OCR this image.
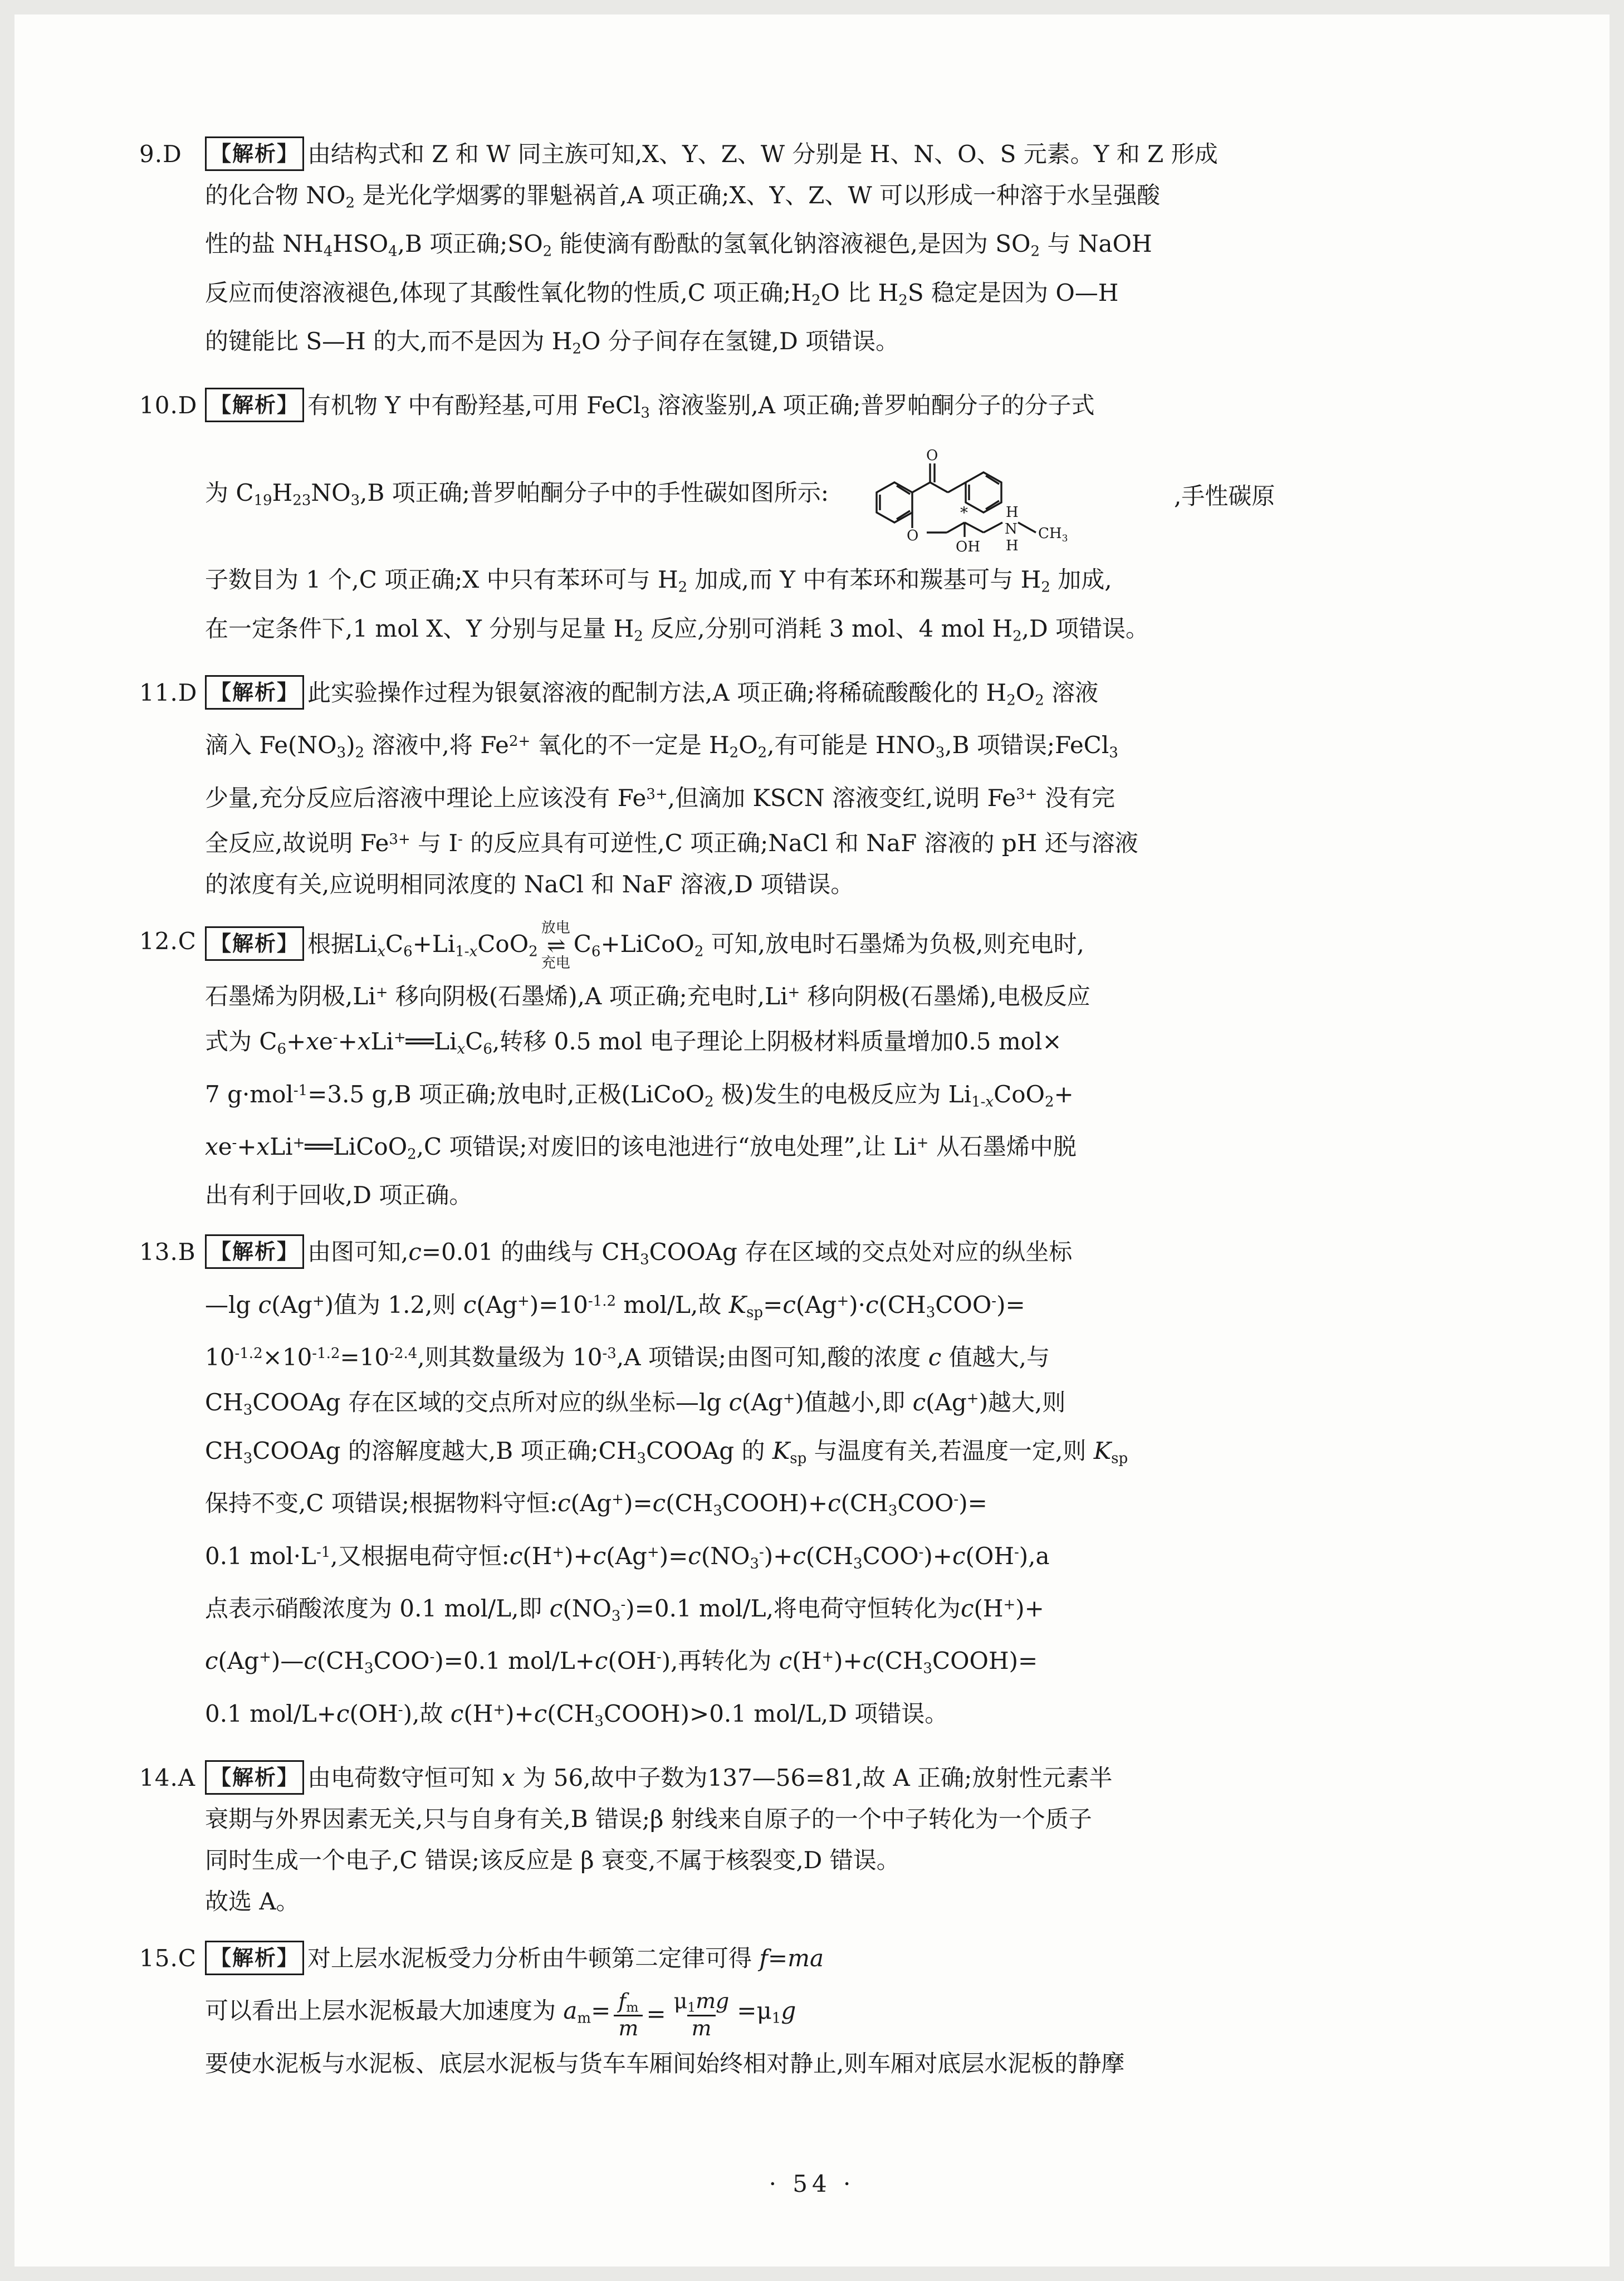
9.D	【解析】 由结构式和 Z 和 W 同主族可知,X、Y、Z、W 分别是 H、N、O、S 元素。Y 和 Z 形成
的化合物 $NO_2$ 是光化学烟雾的罪魁祸首,A 项正确;X、Y、Z、W 可以形成一种溶于水呈强酸
性的盐 $NH_4HSO_4,B$ 项正确$;SO_2$ 能使滴有酚酞的氢氧化钠溶液褪色,是因为 $SO_2$ 与 NaOH
反应而使溶液褪色,体现了其酸性氧化物的性质,C 项正确$;H_2O$ 比 $H_2S$ 稳定是因为 O—H
的键能比 S—H 的大,而不是因为 $H_2O$ 分子间存在氢键,D 项错误。
10.D 【解析】 有机物 Y 中有酚羟基,可用 FeCl$_3$ 溶液鉴别,A 项正确;普罗帕酮分子的分子式
为 $C_{19}H_{23}NO_3,B$ 项正确;普罗帕酮分子中的手性碳如图所示:
O
O
OH
H
H
N $CH_3$
*
,手性碳原
子数目为 1 个,C 项正确;X 中只有苯环可与 $H_2$ 加成,而 Y 中有苯环和羰基可与 $H_2$ 加成,
在一定条件下,1 mol X、Y 分别与足量 $H_2$ 反应,分别可消耗 3 mol、4 mol $H_2,D$ 项错误。
11.D 【解析】 此实验操作过程为银氨溶液的配制方法,A 项正确;将稀硫酸酸化的 $H_2O_2$ 溶液
滴入 $Fe(NO_3)_2$ 溶液中,将 $Fe^{2+}$ 氧化的不一定是 $H_2O_2$,有可能是 $HNO_3,B$ 项错误;FeCl$_3$
少量,充分反应后溶液中理论上应该没有 $Fe^{3+}$,但滴加 KSCN 溶液变红,说明 $Fe^{3+}$ 没有完
全反应,故说明 $Fe^{3+}$ 与 I- 的反应具有可逆性,C 项正确;NaCl 和 NaF 溶液的 pH 还与溶液
的浓度有关,应说明相同浓度的 NaCl 和 NaF 溶液,D 项错误。
12.C 【解析】 根据$Li_xC_6+Li_{1-x}CoO_2$
放电
⇌
充电
$C_6+LiCoO_2$ 可知,放电时石墨烯为负极,则充电时,
石墨烯为阴极,Li+ 移向阴极(石墨烯),A 项正确;充电时,Li+ 移向阴极(石墨烯),电极反应
式为 $C_6+xe^-+xLi^+══Li_xC_6$,转移 0.5 mol 电子理论上阴极材料质量增加0.5 mol×
7 g·mol$^{-1}$=3.5 g,B 项正确;放电时,正极(LiCoO$_2$ 极)发生的电极反应为 $Li_{1-x}CoO_2+$
xe-+xLi+══LiCoO$_2$,C 项错误;对废旧的该电池进行“放电处理”,让 Li+ 从石墨烯中脱
出有利于回收,D 项正确。
13.B 【解析】 由图可知,c=0.01 的曲线与 $CH_3COOAg$ 存在区域的交点处对应的纵坐标
—lg c(Ag+)值为 1.2,则 $c(Ag^+)=10^{-1.2}$ mol/L,故 $K_{sp}=c(Ag^+)\cdot c(CH_3COO^-)=$
$10^{-1.2}\times 10^{-1.2}=10^{-2.4}$,则其数量级为 $10^{-3},A$ 项错误;由图可知,酸的浓度 c 值越大,与
$CH_3COOAg$ 存在区域的交点所对应的纵坐标—lg c(Ag+)值越小,即 c(Ag+)越大,则
$CH_3COOAg$ 的溶解度越大,B 项正确$;CH_3COOAg$ 的 $K_{sp}$ 与温度有关,若温度一定,则 $K_{sp}$
保持不变,C 项错误;根据物料守恒$:c(Ag^+)=c(CH_3COOH)+c(CH_3COO^-)=$
0.1 $mol\cdot L^{-1}$,又根据电荷守恒$:c(H^+)+c(Ag^+)=c(NO_3^-)+c(CH_3COO^-)+c(OH^-),a$
点表示硝酸浓度为 0.1 mol/L,即 $c(NO_3^-)=0.1$ mol/L,将电荷守恒转化为c(H+)+
$c(Ag^+)—c(CH_3COO^-)=0.1$ mol/L+c(OH-),再转化为 $c(H^+)+c(CH_3COOH)=$
0.1 mol/L+c(OH-),故 $c(H^+)+c(CH_3COOH)>0.1$ mol/L,D 项错误。
14.A 【解析】 由电荷数守恒可知 x 为 56,故中子数为137—56=81,故 A 正确;放射性元素半
衰期与外界因素无关,只与自身有关,B 错误;β 射线来自原子的一个中子转化为一个质子
同时生成一个电子,C 错误;该反应是 β 衰变,不属于核裂变,D 错误。
故选 A。
15.C 【解析】 对上层水泥板受力分析由牛顿第二定律可得 f=ma
可以看出上层水泥板最大加速度为 $a_m= \frac{f_m}{m} = \frac{\mu_1mg}{m} =\mu_1g$
要使水泥板与水泥板、底层水泥板与货车车厢间始终相对静止,则车厢对底层水泥板的静摩
· 54 ·
